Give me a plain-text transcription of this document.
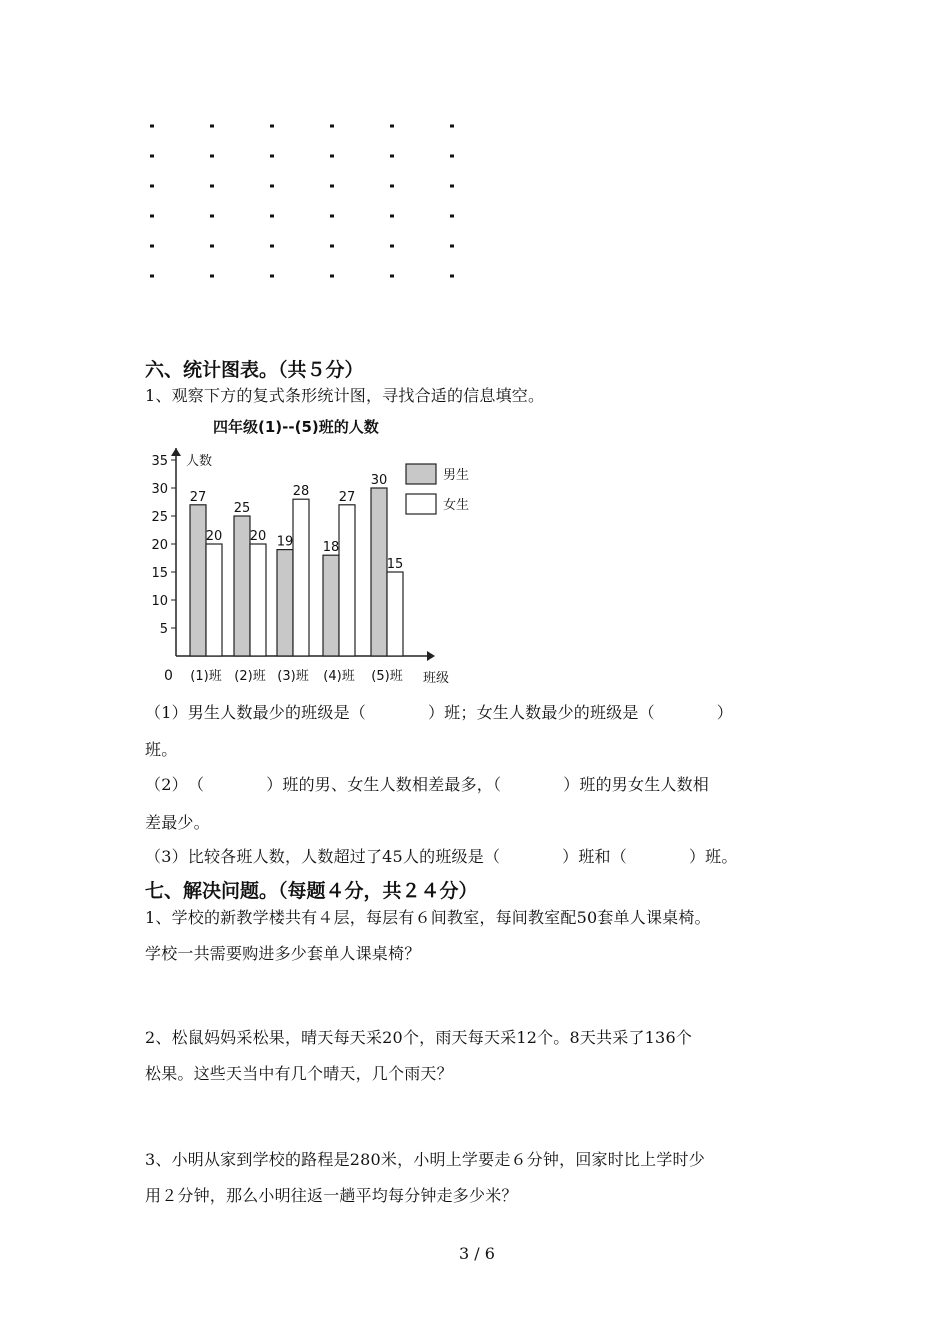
六、统计图表。（共５分）
1、观察下方的复式条形统计图，寻找合适的信息填空。
四年级(1)--(5)班的人数
人数
5
10
15
20
25
30
35
0
27
20
(1)班
25
20
(2)班
19
28
(3)班
18
27
(4)班
30
15
(5)班 班级
男生
女生
（1）男生人数最少的班级是（	）班；女生人数最少的班级是（	）
班。
（2）　（	）班的男、女生人数相差最多，（	）班的男女生人数相
差最少。
（3）比较各班人数，人数超过了45人的班级是（	）班和（	）班。
七、解决问题。（每题４分，共２４分）
1、学校的新教学楼共有４层，每层有６间教室，每间教室配50套单人课桌椅。
学校一共需要购进多少套单人课桌椅？
2、松鼠妈妈采松果，晴天每天采20个，雨天每天采12个。8天共采了136个
松果。这些天当中有几个晴天，几个雨天？
3、小明从家到学校的路程是280米，小明上学要走６分钟，回家时比上学时少
用２分钟，那么小明往返一趟平均每分钟走多少米？
3 / 6
